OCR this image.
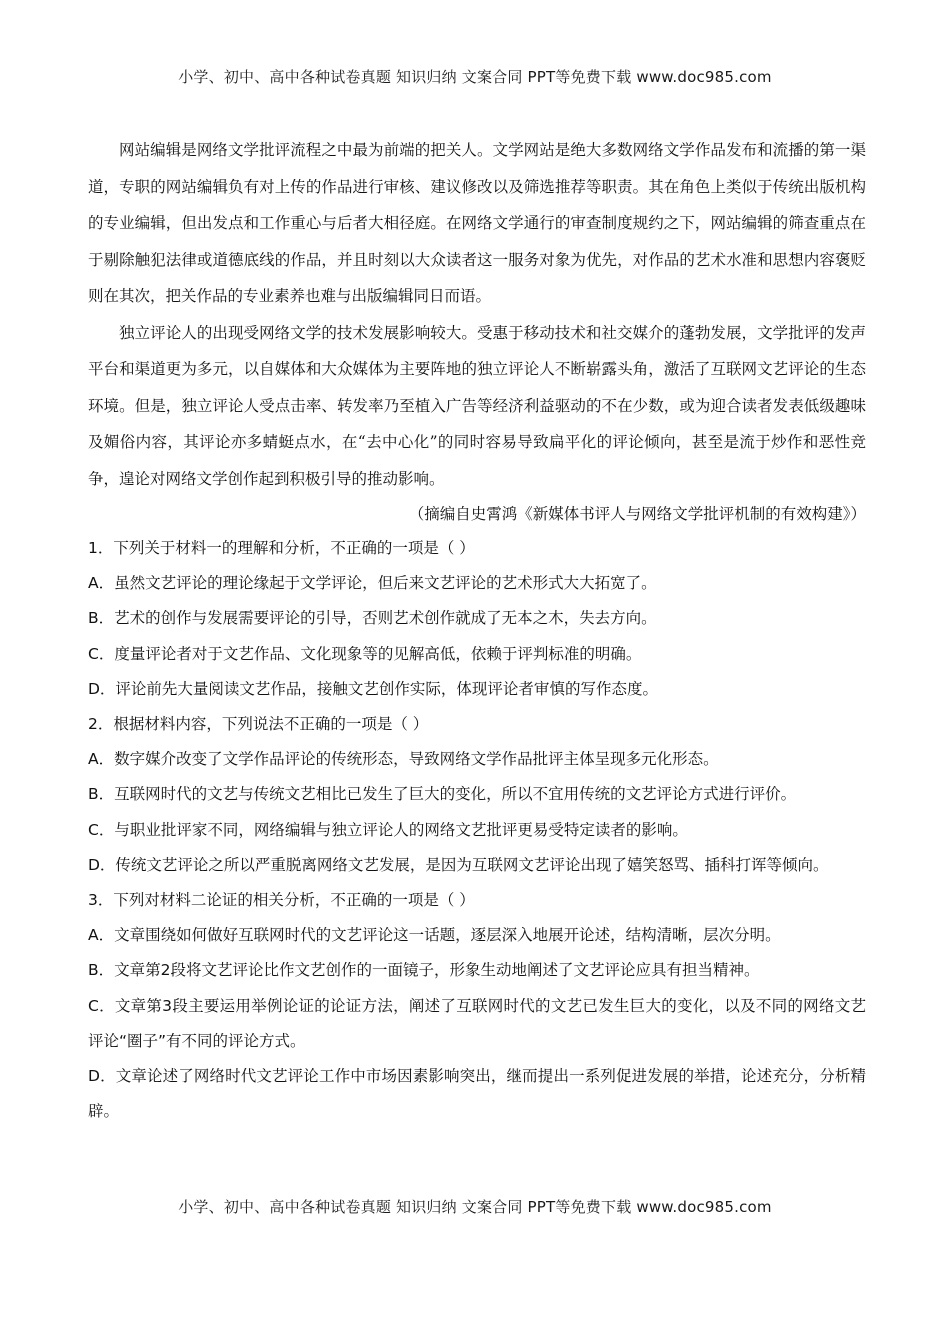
小学、初中、高中各种试卷真题 知识归纳 文案合同 PPT等免费下载 www.doc985.com

网站编辑是网络文学批评流程之中最为前端的把关人。文学网站是绝大多数网络文学作品发布和流播的第一渠道，专职的网站编辑负有对上传的作品进行审核、建议修改以及筛选推荐等职责。其在角色上类似于传统出版机构的专业编辑，但出发点和工作重心与后者大相径庭。在网络文学通行的审查制度规约之下，网站编辑的筛查重点在于剔除触犯法律或道德底线的作品，并且时刻以大众读者这一服务对象为优先，对作品的艺术水准和思想内容褒贬则在其次，把关作品的专业素养也难与出版编辑同日而语。

独立评论人的出现受网络文学的技术发展影响较大。受惠于移动技术和社交媒介的蓬勃发展，文学批评的发声平台和渠道更为多元，以自媒体和大众媒体为主要阵地的独立评论人不断崭露头角，激活了互联网文艺评论的生态环境。但是，独立评论人受点击率、转发率乃至植入广告等经济利益驱动的不在少数，或为迎合读者发表低级趣味及媚俗内容，其评论亦多蜻蜓点水，在“去中心化”的同时容易导致扁平化的评论倾向，甚至是流于炒作和恶性竞争，遑论对网络文学创作起到积极引导的推动影响。

（摘编自史霄鸿《新媒体书评人与网络文学批评机制的有效构建》）

1．下列关于材料一的理解和分析，不正确的一项是（ ）

A．虽然文艺评论的理论缘起于文学评论，但后来文艺评论的艺术形式大大拓宽了。

B．艺术的创作与发展需要评论的引导，否则艺术创作就成了无本之木，失去方向。

C．度量评论者对于文艺作品、文化现象等的见解高低，依赖于评判标准的明确。

D．评论前先大量阅读文艺作品，接触文艺创作实际，体现评论者审慎的写作态度。

2．根据材料内容，下列说法不正确的一项是（ ）

A．数字媒介改变了文学作品评论的传统形态，导致网络文学作品批评主体呈现多元化形态。

B．互联网时代的文艺与传统文艺相比已发生了巨大的变化，所以不宜用传统的文艺评论方式进行评价。

C．与职业批评家不同，网络编辑与独立评论人的网络文艺批评更易受特定读者的影响。

D．传统文艺评论之所以严重脱离网络文艺发展，是因为互联网文艺评论出现了嬉笑怒骂、插科打诨等倾向。

3．下列对材料二论证的相关分析，不正确的一项是（ ）

A．文章围绕如何做好互联网时代的文艺评论这一话题，逐层深入地展开论述，结构清晰，层次分明。

B．文章第2段将文艺评论比作文艺创作的一面镜子，形象生动地阐述了文艺评论应具有担当精神。

C．文章第3段主要运用举例论证的论证方法，阐述了互联网时代的文艺已发生巨大的变化，以及不同的网络文艺评论“圈子”有不同的评论方式。

D．文章论述了网络时代文艺评论工作中市场因素影响突出，继而提出一系列促进发展的举措，论述充分，分析精辟。

小学、初中、高中各种试卷真题 知识归纳 文案合同 PPT等免费下载 www.doc985.com
